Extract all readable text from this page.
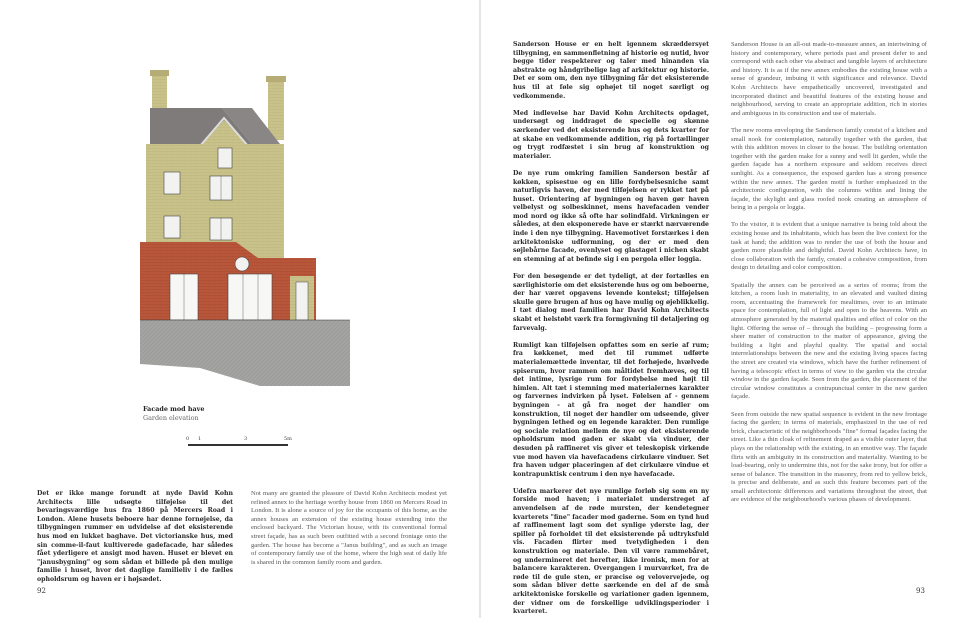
Facade mod have
Garden elevation
0 1	3	5m

Det er ikke mange forundt at nyde David Kohn Architects lille udsøgte tilføjelse til det bevaringsværdige hus fra 1860 på Mercers Road i London. Alene husets beboere har denne fornøjelse, da tilbygningen rummer en udvidelse af det eksisterende hus mod en lukket baghave. Det victorianske hus, med sin comme-il-faut kultiverede gadefacade, har således fået yderligere et ansigt mod haven. Huset er blevet en "janusbygning" og som sådan et billede på den mulige familie i huset, hvor det daglige familieliv i de fælles opholdsrum og haven er i højsædet.

Not many are granted the pleasure of David Kohn Architects modest yet refined annex to the heritage worthy house from 1860 on Mercers Road in London. It is alone a source of joy for the occupants of this home, as the annex houses an extension of the existing house extending into the enclosed backyard. The Victorian house, with its conventional formal street façade, has as such been outfitted with a second frontage onto the garden. The house has become a "Janus building", and as such an image of contemporary family use of the home, where the high seat of daily life is shared in the common family room and garden.

92

Sanderson House er en helt igennem skræddersyet tilbygning, en sammenfletning af historie og nutid, hvor begge tider respekterer og taler med hinanden via abstrakte og håndgribelige lag af arkitektur og historie. Det er som om, den nye tilbygning får det eksisterende hus til at føle sig ophøjet til noget særligt og vedkommende.

Med indlevelse har David Kohn Architects opdaget, undersøgt og inddraget de specielle og skønne særkender ved det eksisterende hus og dets kvarter for at skabe en vedkommende addition, rig på fortællinger og trygt rodfæstet i sin brug af konstruktion og materialer.

De nye rum omkring familien Sanderson består af køkken, spisestue og en lille fordybelsesniche samt naturligvis haven, der med tilføjelsen er rykket tæt på huset. Orientering af bygningen og haven gør haven velbelyst og solbeskinnet, mens havefacaden vender mod nord og ikke så ofte har solindfald. Virkningen er således, at den eksponerede have er stærkt nærværende inde i den nye tilbygning. Havemotivet forstærkes i den arkitektoniske udformning, og der er med den søjlebårne facade, ovenlyset og glastaget i nichen skabt en stemning af at befinde sig i en pergola eller loggia.

For den besøgende er det tydeligt, at der fortælles en særlighistorie om det eksisterende hus og om beboerne, der har været opgavens levende kontekst; tilføjelsen skulle gøre brugen af hus og have mulig og øjeblikkelig. I tæt dialog med familien har David Kohn Architects skabt et helstøbt værk fra formgivning til detaljering og farvevalg.

Rumligt kan tilføjelsen opfattes som en serie af rum; fra køkkenet, med det til rummet udførte materialemættede inventar, til det forhøjede, hvælvede spiserum, hvor rammen om måltidet fremhæves, og til det intime, lysrige rum for fordybelse med højt til himlen. Alt tæt i stemning med materialernes karakter og farvernes indvirken på lyset. Følelsen af - gennem bygningen - at gå fra noget der handler om konstruktion, til noget der handler om udseende, giver bygningen lethed og en legende karakter. Den rumlige og sociale relation mellem de nye og det eksisterende opholdsrum mod gaden er skabt via vinduer, der desuden på raffineret vis giver et teleskopisk virkende vue mod haven via havefacadens cirkulære vinduer. Set fra haven udgør placeringen af det cirkulære vindue et kontrapunktisk centrum i den nye havefacade.

Udefra markerer det nye rumlige forløb sig som en ny forside mod haven; i materialet understreget af anvendelsen af de røde mursten, der kendetegner kvarterets "fine" facader mod gaderne. Som en tynd hud af raffinement lagt som det synlige yderste lag, der spiller på forholdet til det eksisterende på udtryksfuld vis. Facaden flirter med tvetydigheden i den konstruktion og materiale. Den vil være rammebåret, og undermineret det herefter, ikke ironisk, men for at balancere karakteren. Overgangen i murværket, fra de røde til de gule sten, er præcise og velovervejede, og som sådan bliver dette særkende en del af de små arkitektoniske forskelle og variationer gaden igennem, der vidner om de forskellige udviklingsperioder i kvarteret.

Sanderson House is an all-out made-to-measure annex, an intertwining of history and contemporary, where periods past and present defer to and correspond with each other via abstract and tangible layers of architecture and history. It is as if the new annex embodies the existing house with a sense of grandeur, imbuing it with significance and relevance. David Kohn Architects have empathetically uncovered, investigated and incorporated distinct and beautiful features of the existing house and neighbourhood, serving to create an appropriate addition, rich in stories and ambiguous in its construction and use of materials.

The new rooms enveloping the Sanderson family consist of a kitchen and small nook for contemplation, naturally together with the garden, that with this addition moves in closer to the house. The building orientation together with the garden make for a sunny and well lit garden, while the garden façade has a northern exposure and seldom receives direct sunlight. As a consequence, the exposed garden has a strong presence within the new annex. The garden motif is further emphasized in the architectonic configuration, with the columns within and lining the façade, the skylight and glass roofed nook creating an atmosphere of being in a pergola or loggia.

To the visitor, it is evident that a unique narrative is being told about the existing house and its inhabitants, which has been the live context for the task at hand; the addition was to render the use of both the house and garden more plausible and delightful. David Kohn Architects have, in close collaboration with the family, created a cohesive composition, from design to detailing and color composition.

Spatially the annex can be perceived as a series of rooms; from the kitchen, a room lush in materiality, to an elevated and vaulted dining room, accentuating the framework for mealtimes, over to an intimate space for contemplation, full of light and open to the heavens. With an atmosphere generated by the material qualities and effect of color on the light. Offering the sense of – through the building – progressing form a sheer matter of construction to the matter of appearance, giving the building a light and playful quality. The spatial and social interrelationships between the new and the existing living spaces facing the street are created via windows, which have the further refinement of having a telescopic effect in terms of view to the garden via the circular window in the garden façade. Seen from the garden, the placement of the circular window constitutes a contrapunctual center in the new garden façade.

Seen from outside the new spatial sequence is evident in the new frontage facing the garden; in terms of materials, emphasized in the use of red brick, characteristic of the neighborhoods "fine" formal façades facing the street. Like a thin cloak of refinement draped as a visible outer layer, that plays on the relationship with the existing, in an emotive way. The façade flirts with an ambiguity in its construction and materiality. Wanting to be load-bearing, only to undermine this, not for the sake irony, but for offer a sense of balance. The transition in the masonry, from red to yellow brick, is precise and deliberate, and as such this feature becomes part of the small architectonic differences and variations throughout the street, that are evidence of the neighbourhood's various phases of development.

93
